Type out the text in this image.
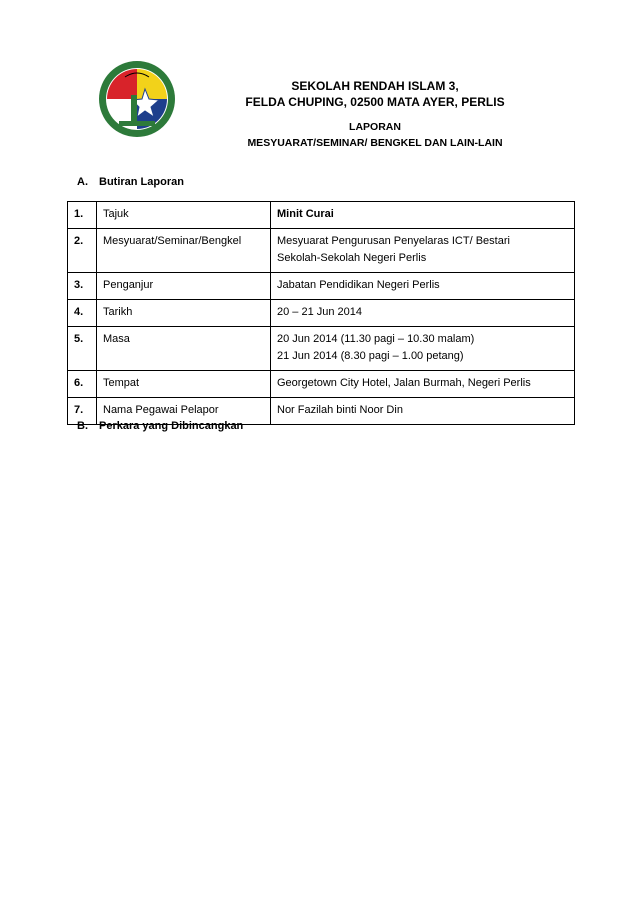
SEKOLAH RENDAH ISLAM 3,
FELDA CHUPING, 02500 MATA AYER, PERLIS
LAPORAN
MESYUARAT/SEMINAR/ BENGKEL DAN LAIN-LAIN
A. Butiran Laporan
1.	Tajuk	Minit Curai
2.	Mesyuarat/Seminar/Bengkel	Mesyuarat Pengurusan Penyelaras ICT/ Bestari
Sekolah-Sekolah Negeri Perlis

3.	Penganjur	Jabatan Pendidikan Negeri Perlis
4.	Tarikh	20 – 21 Jun 2014
5.	Masa	20 Jun 2014 (11.30 pagi – 10.30 malam)
21 Jun 2014 (8.30 pagi – 1.00 petang)

6.	Tempat	Georgetown City Hotel, Jalan Burmah, Negeri Perlis
7.	Nama Pegawai Pelapor	Nor Fazilah binti Noor Din
B. Perkara yang Dibincangkan
